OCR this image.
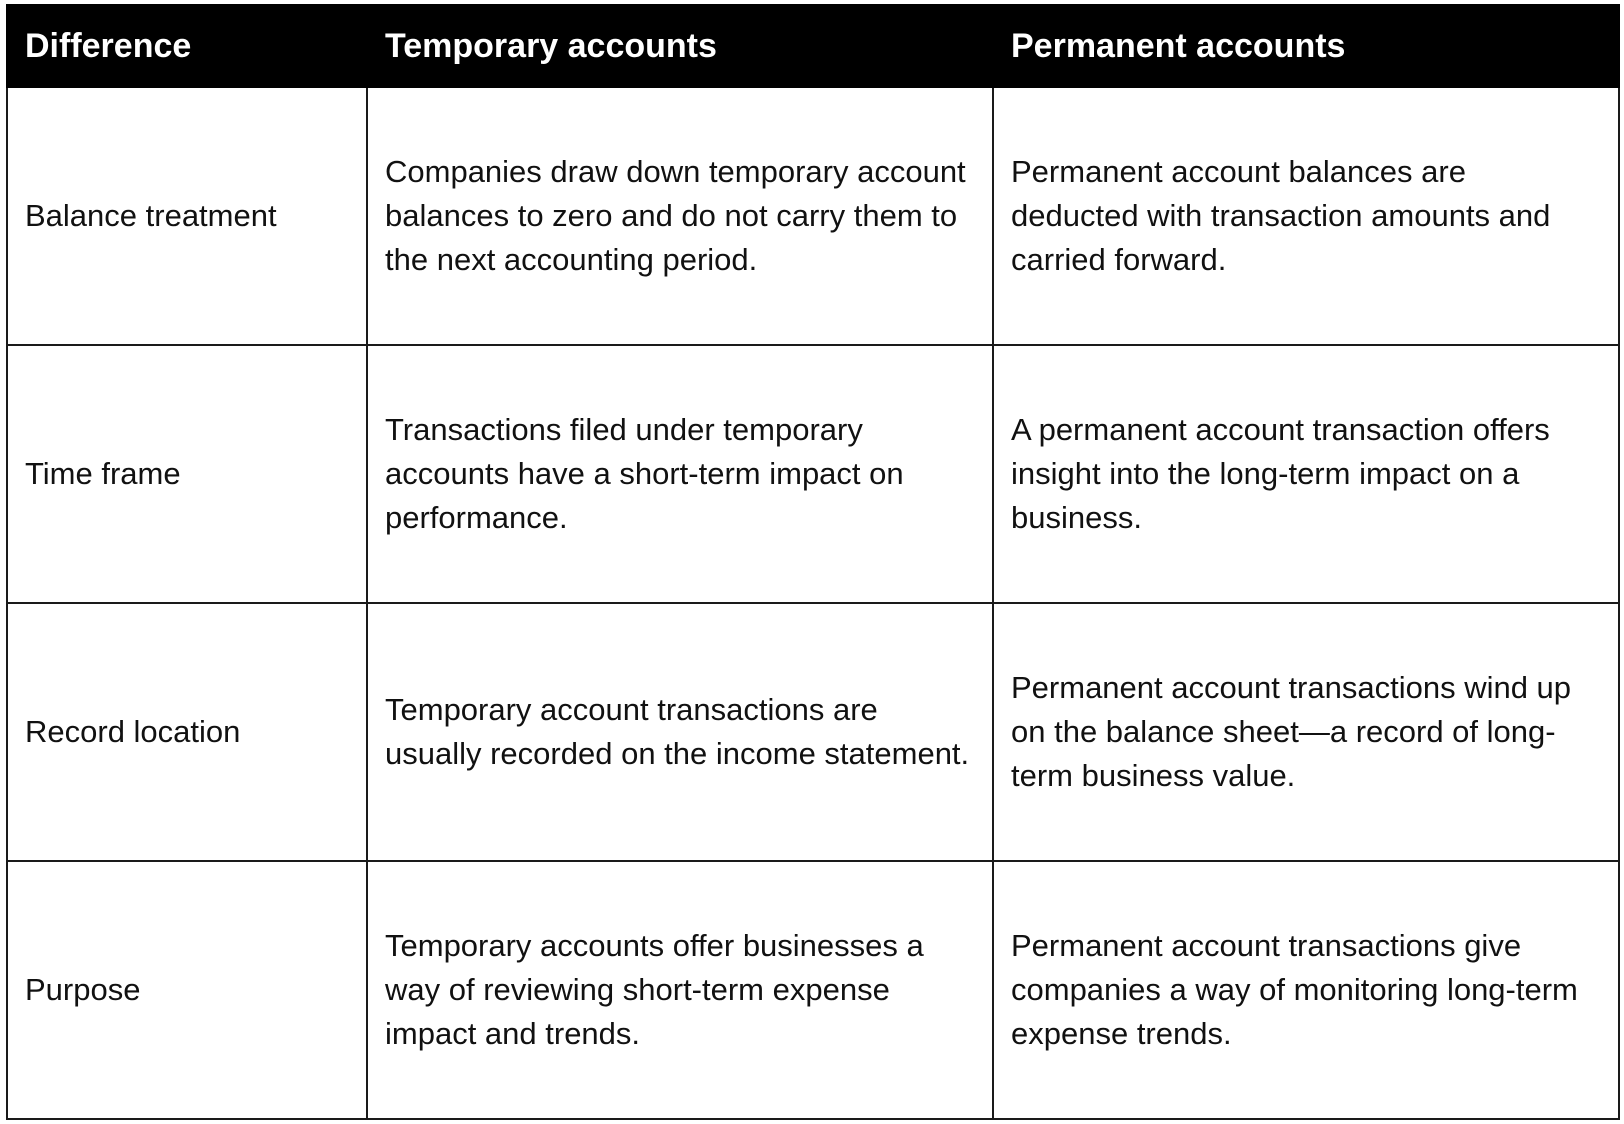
Difference	Temporary accounts	Permanent accounts
Balance treatment	Companies draw down temporary account balances to zero and do not carry them to the next accounting period.	Permanent account balances are deducted with transaction amounts and carried forward.
Time frame	Transactions filed under temporary accounts have a short-term impact on performance.	A permanent account transaction offers insight into the long-term impact on a business.
Record location	Temporary account transactions are usually recorded on the income statement.	Permanent account transactions wind up on the balance sheet—a record of long-term business value.
Purpose	Temporary accounts offer businesses a way of reviewing short-term expense impact and trends.	Permanent account transactions give companies a way of monitoring long-term expense trends.
